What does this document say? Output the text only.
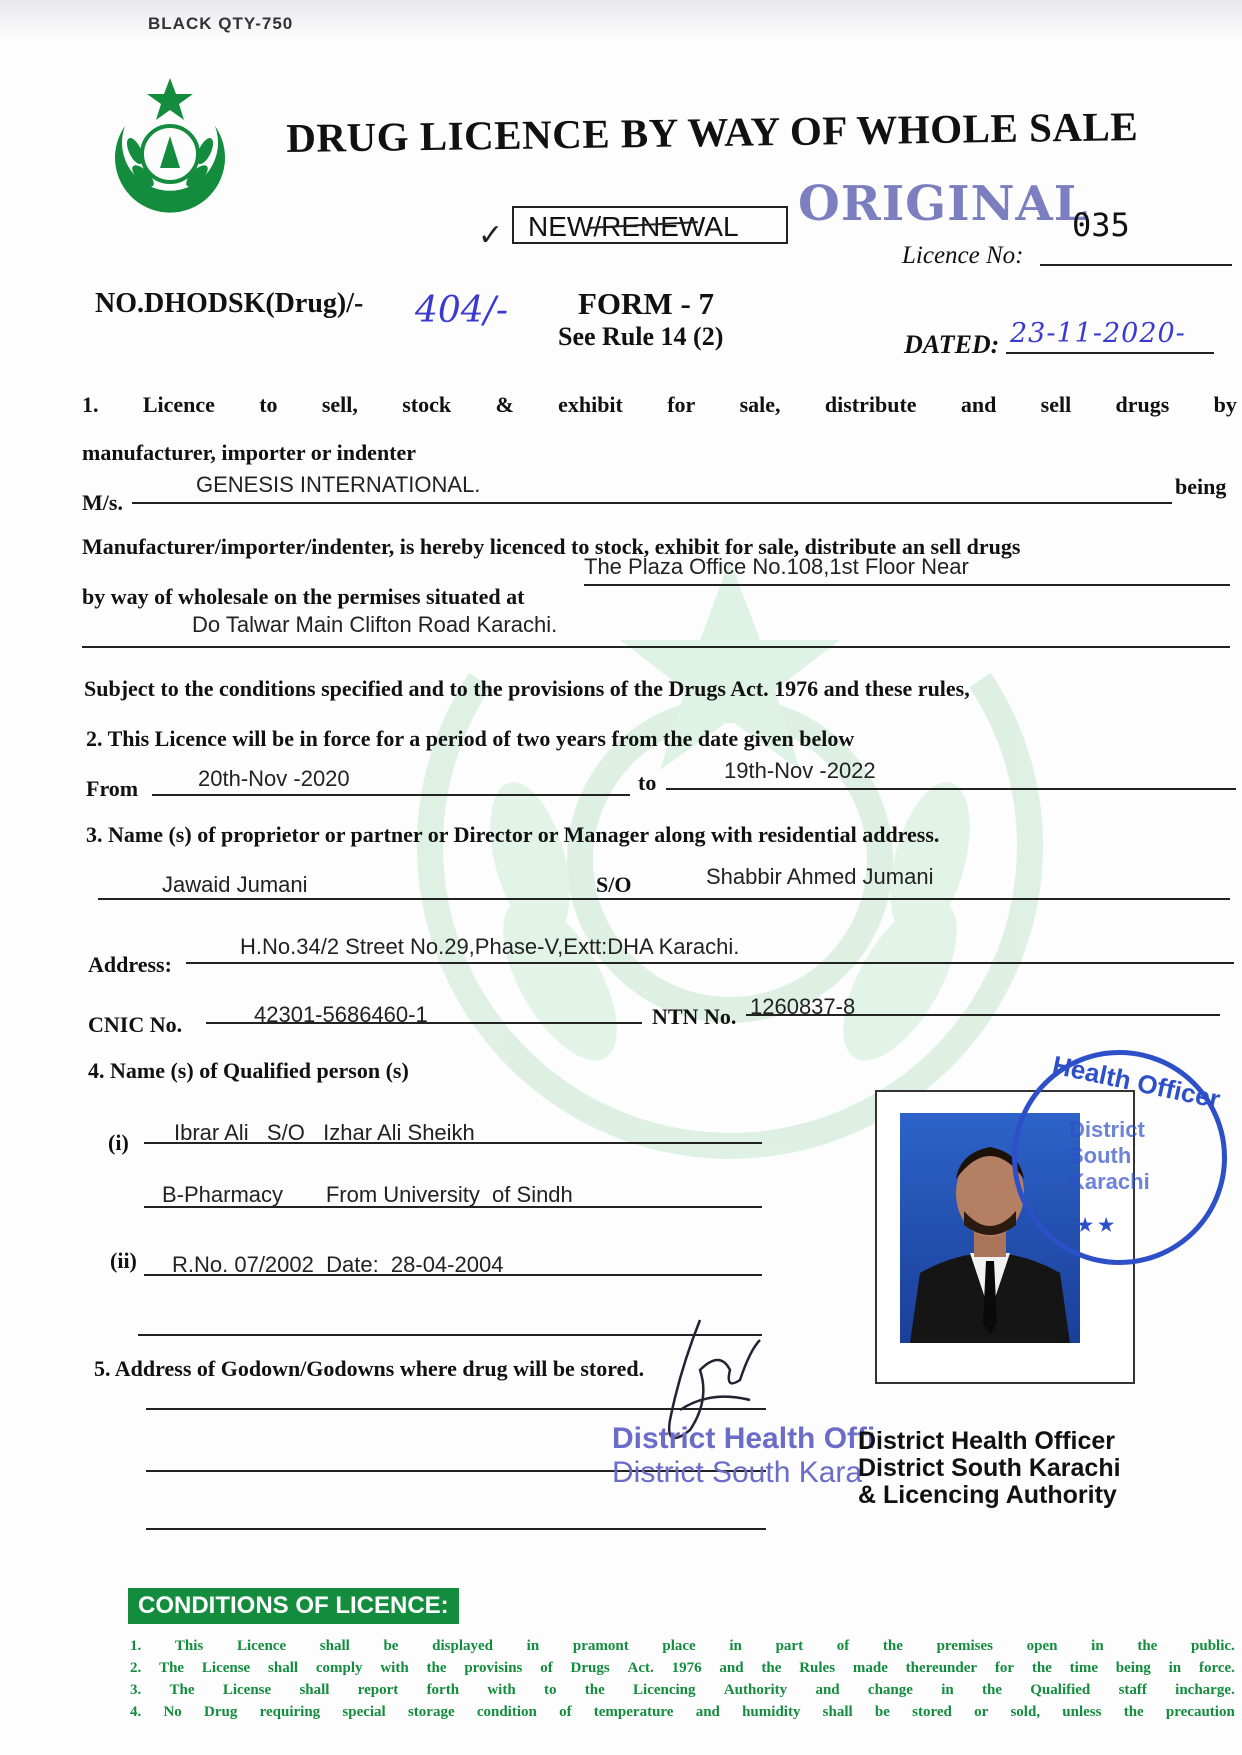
BLACK QTY-750
DRUG LICENCE BY WAY OF WHOLE SALE
✓ NEW/RENEWAL	ORIGINAL
035
Licence No:
NO.DHODSK(Drug)/- 404/- FORM - 7
See Rule 14 (2)	DATED: 23-11-2020-
1. Licence to sell, stock & exhibit for sale, distribute and sell drugs by
manufacturer, importer or indenter
M/s.
GENESIS INTERNATIONAL.	being
Manufacturer/importer/indenter, is hereby licenced to stock, exhibit for sale, distribute an sell drugs
by way of wholesale on the permises situated at
The Plaza Office No.108,1st Floor Near
Do Talwar Main Clifton Road Karachi.
Subject to the conditions specified and to the provisions of the Drugs Act. 1976 and these rules,
2. This Licence will be in force for a period of two years from the date given below
From	20th-Nov -2020	to	19th-Nov -2022
3. Name (s) of proprietor or partner or Director or Manager along with residential address.
Jawaid Jumani	S/O	Shabbir Ahmed Jumani
Address:
H.No.34/2 Street No.29,Phase-V,Extt:DHA Karachi.
CNIC No.	42301-5686460-1	NTN No. 1260837-8
4. Name (s) of Qualified person (s)
(i) Ibrar Ali   S/O   Izhar Ali Sheikh
B-Pharmacy       From University  of Sindh
(ii) R.No. 07/2002  Date:  28-04-2004
Health Officer
District
South
Karachi
★ ★
5. Address of Godown/Godowns where drug will be stored.
District Health Offi
District South Kara
District Health Officer
District South Karachi
& Licencing Authority
CONDITIONS OF LICENCE:
1. This Licence shall be displayed in pramont place in part of the premises open in the public.
2. The License shall comply with the provisins of Drugs Act. 1976 and the Rules made thereunder for the time being in force.
3. The License shall report forth with to the Licencing Authority and change in the Qualified staff incharge.
4. No Drug requiring special storage condition of temperature and humidity shall be stored or sold, unless the precaution
